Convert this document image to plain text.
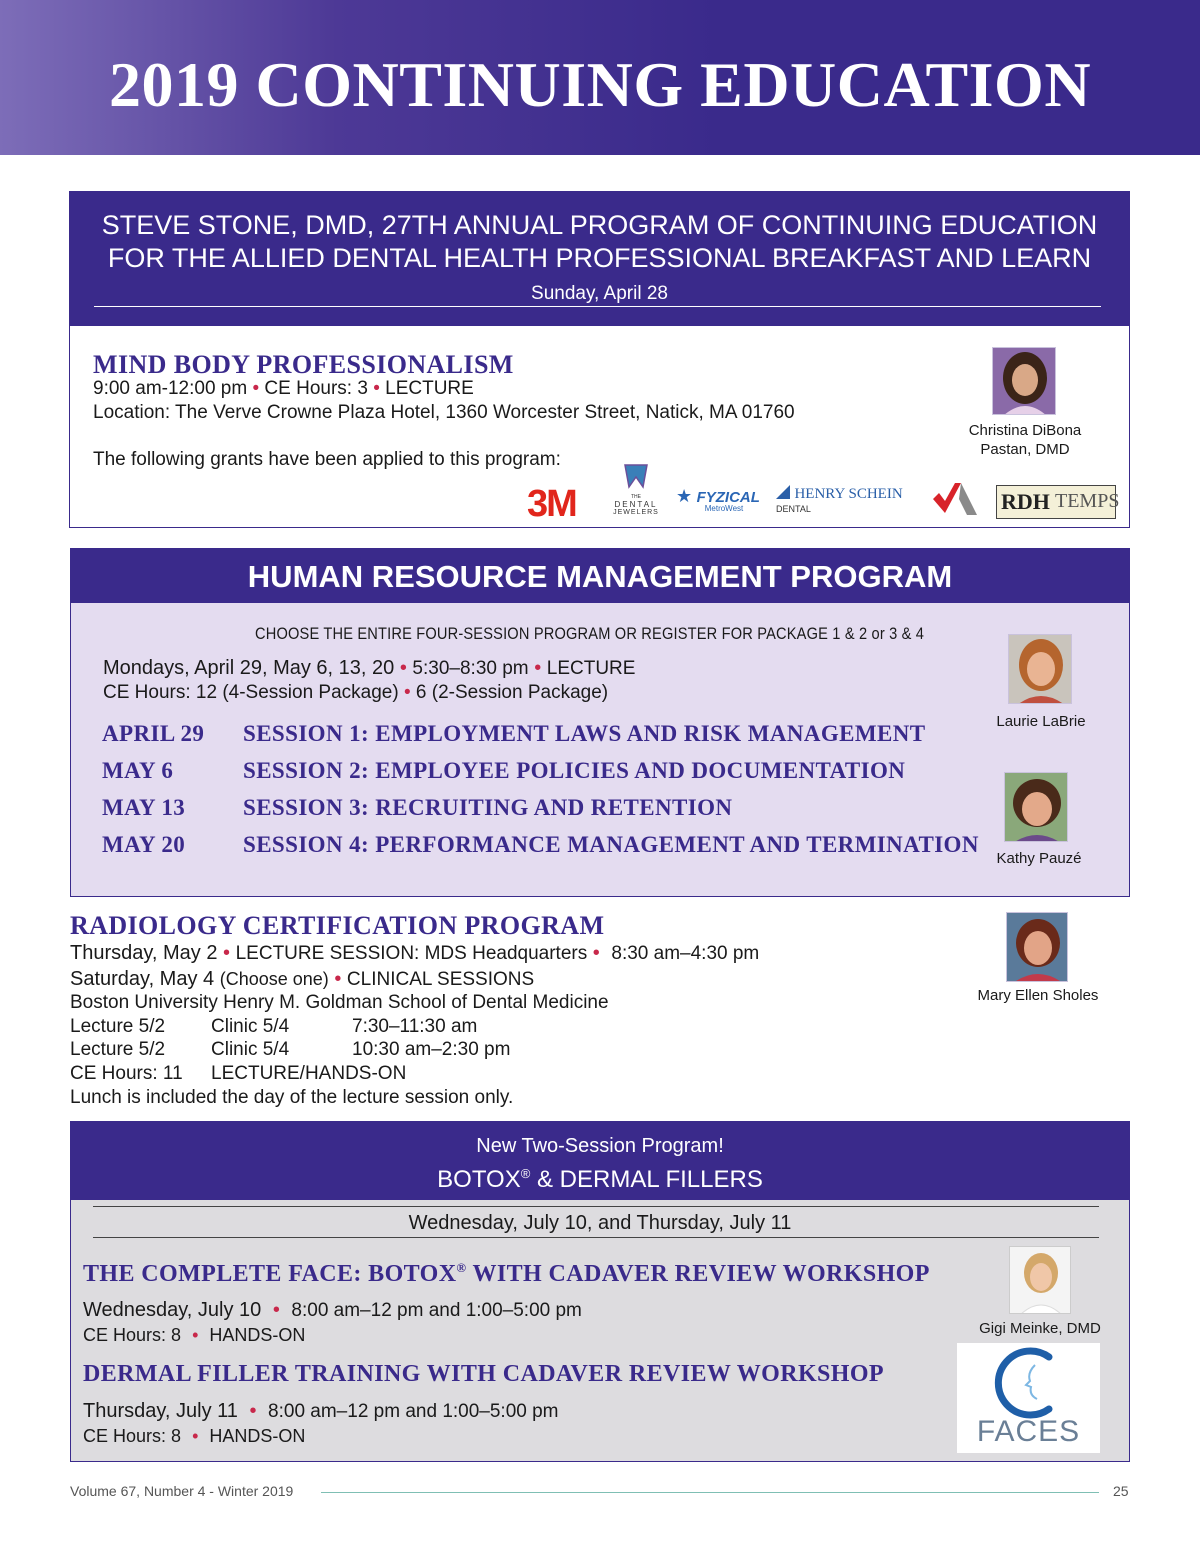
2019 CONTINUING EDUCATION
STEVE STONE, DMD, 27TH ANNUAL PROGRAM OF CONTINUING EDUCATION
FOR THE ALLIED DENTAL HEALTH PROFESSIONAL BREAKFAST AND LEARN
Sunday, April 28
MIND BODY PROFESSIONALISM
9:00 am-12:00 pm • CE Hours: 3 • LECTURE
Location: The Verve Crowne Plaza Hotel, 1360 Worcester Street, Natick, MA 01760
The following grants have been applied to this program:
Christina DiBona
Pastan, DMD
3M	THE
DENTAL
JEWELERS
★ FYZICAL
MetroWest
HENRY SCHEIN
DENTAL	RDH TEMPS
HUMAN RESOURCE MANAGEMENT PROGRAM
CHOOSE THE ENTIRE FOUR-SESSION PROGRAM OR REGISTER FOR PACKAGE 1 & 2 or 3 & 4
Mondays, April 29, May 6, 13, 20 • 5:30–8:30 pm • LECTURE
CE Hours: 12 (4-Session Package) • 6 (2-Session Package)
APRIL 29 SESSION 1: EMPLOYMENT LAWS AND RISK MANAGEMENT
MAY 6	SESSION 2: EMPLOYEE POLICIES AND DOCUMENTATION
MAY 13	SESSION 3: RECRUITING AND RETENTION
MAY 20	SESSION 4: PERFORMANCE MANAGEMENT AND TERMINATION
Laurie LaBrie
Kathy Pauzé
RADIOLOGY CERTIFICATION PROGRAM
Thursday, May 2 • LECTURE SESSION: MDS Headquarters • 8:30 am–4:30 pm
Saturday, May 4 (Choose one) • CLINICAL SESSIONS
Boston University Henry M. Goldman School of Dental Medicine
Lecture 5/2 Clinic 5/4	7:30–11:30 am
Lecture 5/2 Clinic 5/4	10:30 am–2:30 pm
CE Hours: 11 LECTURE/HANDS-ON
Lunch is included the day of the lecture session only.
Mary Ellen Sholes
New Two-Session Program!
BOTOX® & DERMAL FILLERS
Wednesday, July 10, and Thursday, July 11
THE COMPLETE FACE: BOTOX® WITH CADAVER REVIEW WORKSHOP
Wednesday, July 10 • 8:00 am–12 pm and 1:00–5:00 pm
CE Hours: 8 • HANDS-ON
DERMAL FILLER TRAINING WITH CADAVER REVIEW WORKSHOP
Thursday, July 11 • 8:00 am–12 pm and 1:00–5:00 pm
CE Hours: 8 • HANDS-ON
Gigi Meinke, DMD
FACES
Volume 67, Number 4 - Winter 2019	25
